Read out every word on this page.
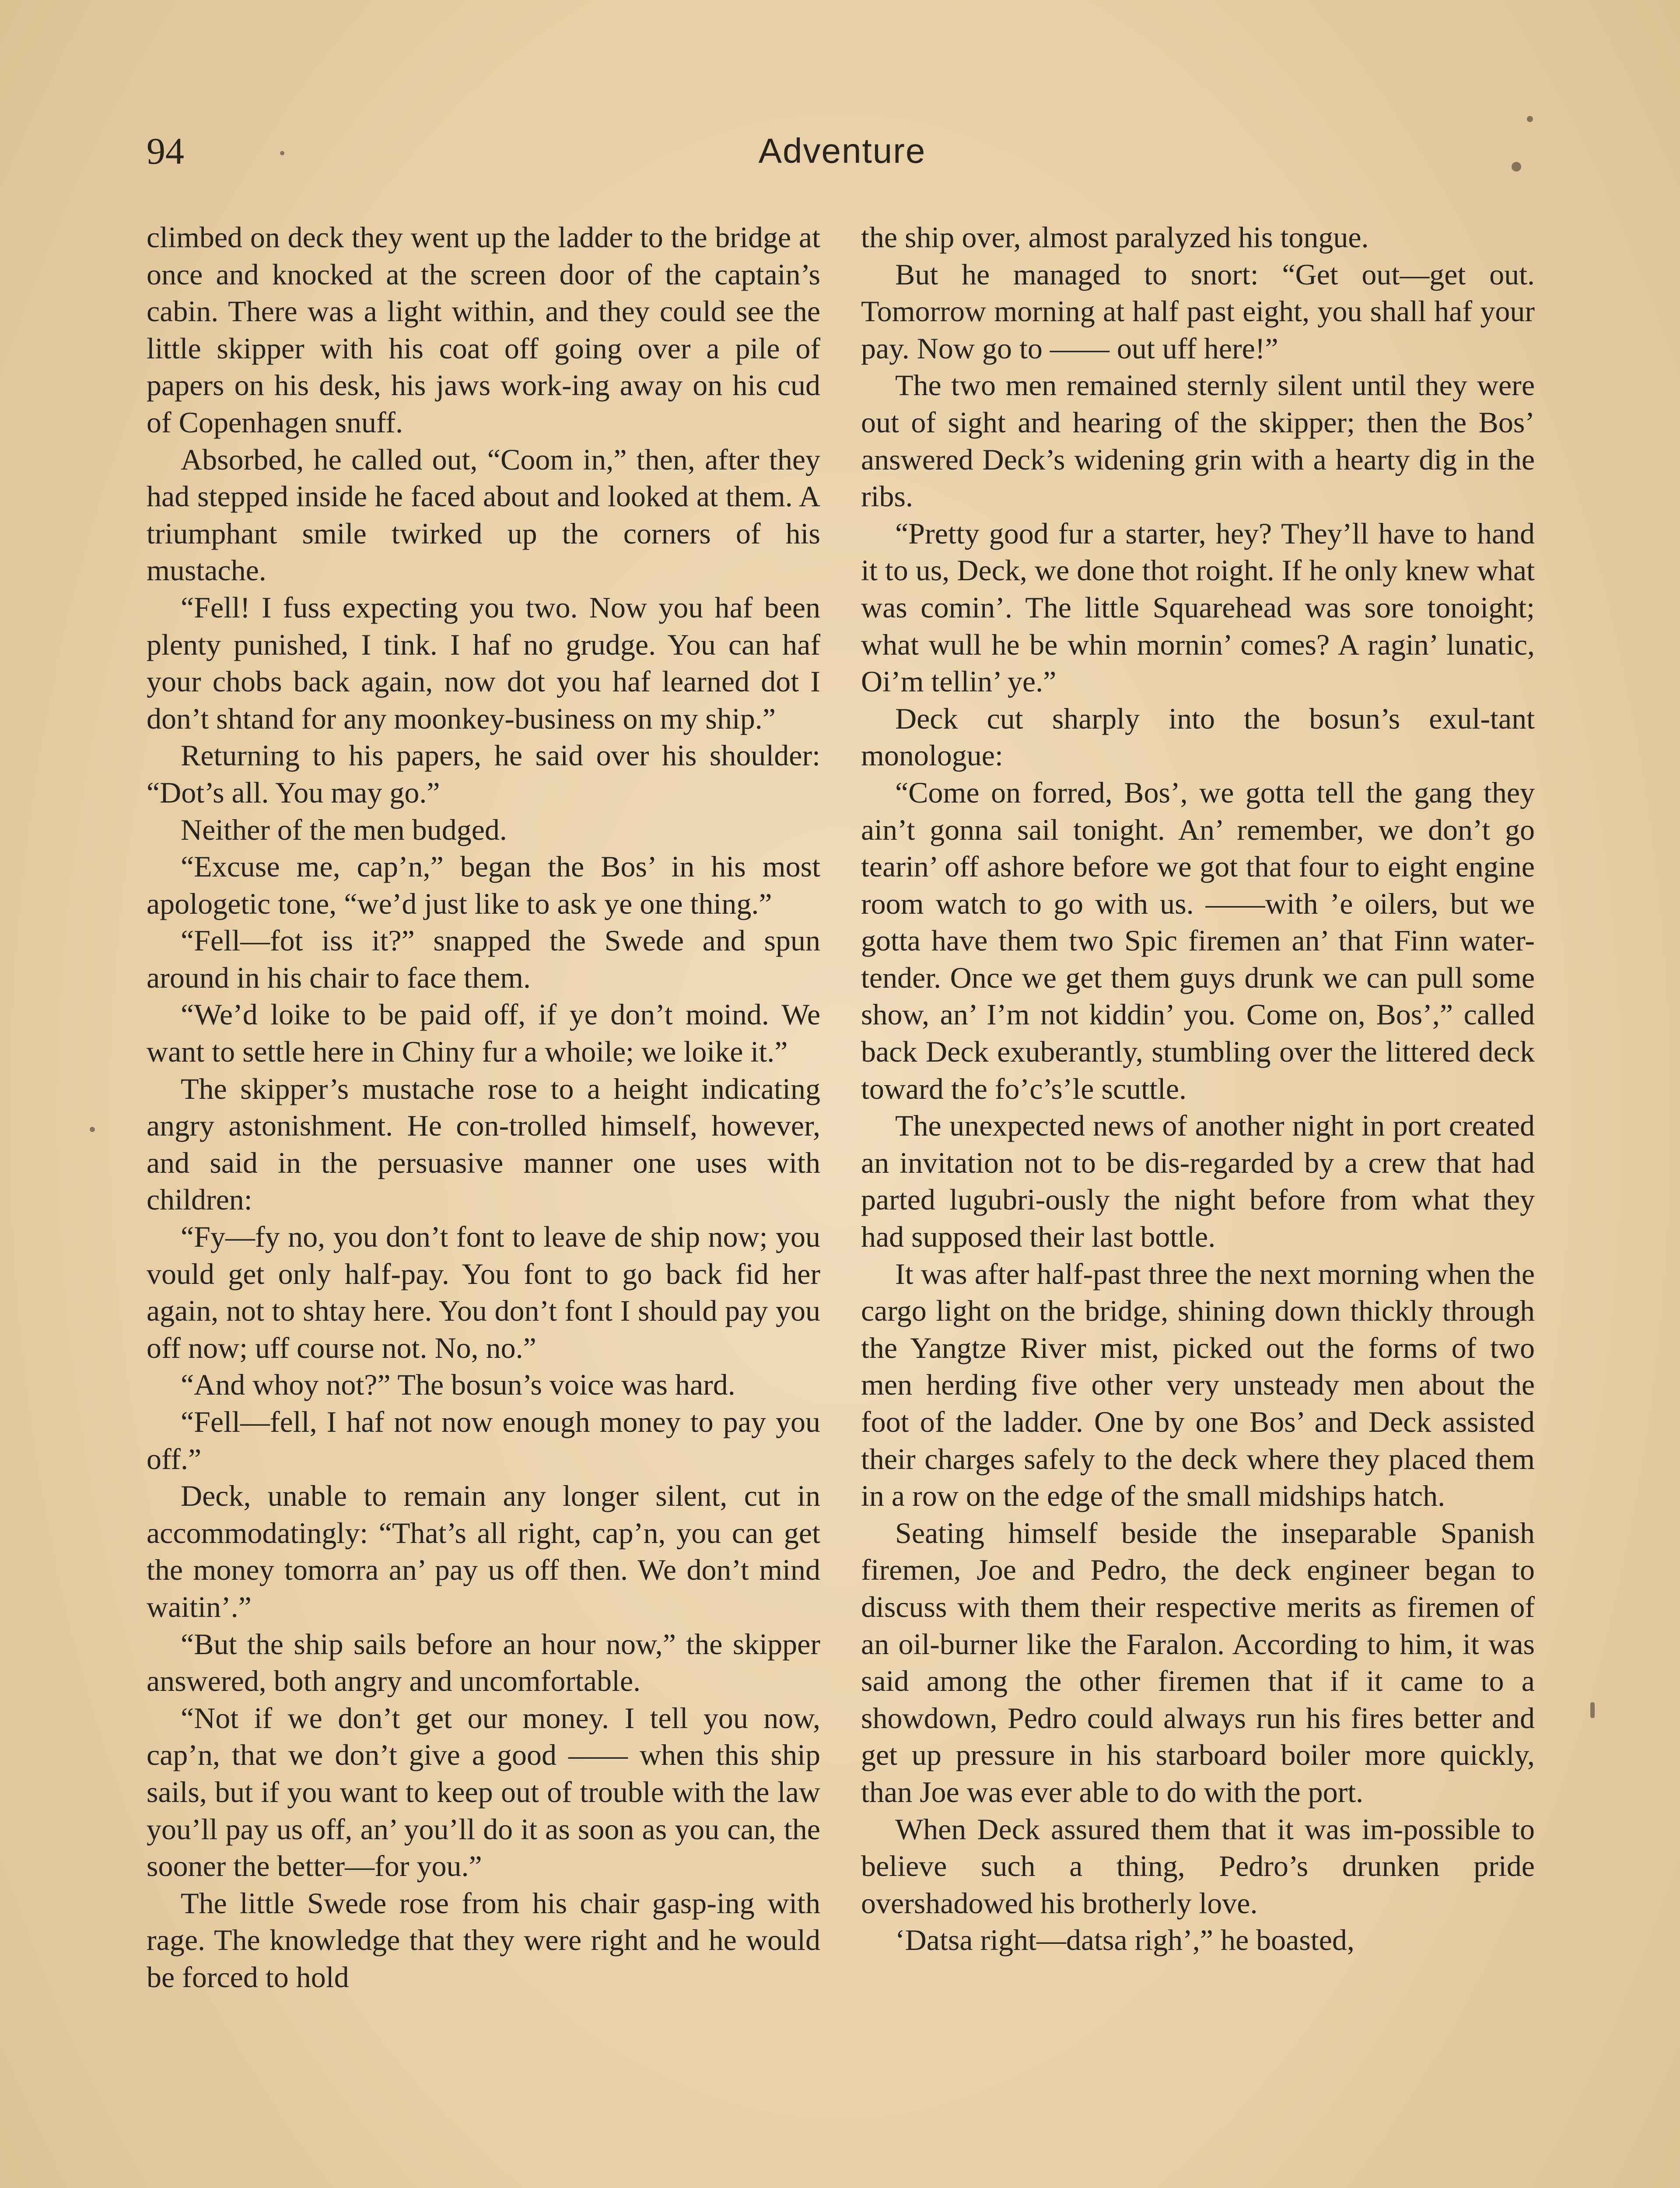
94	Adventure

climbed on deck they went up the ladder to the bridge at once and knocked at the screen door of the captain’s cabin. There was a light within, and they could see the little skipper with his coat off going over a pile of papers on his desk, his jaws work-ing away on his cud of Copenhagen snuff.

Absorbed, he called out, “Coom in,” then, after they had stepped inside he faced about and looked at them. A triumphant smile twirked up the corners of his mustache.

“Fell! I fuss expecting you two. Now you haf been plenty punished, I tink. I haf no grudge. You can haf your chobs back again, now dot you haf learned dot I don’t shtand for any moonkey-business on my ship.”

Returning to his papers, he said over his shoulder: “Dot’s all. You may go.”

Neither of the men budged.

“Excuse me, cap’n,” began the Bos’ in his most apologetic tone, “we’d just like to ask ye one thing.”

“Fell—fot iss it?” snapped the Swede and spun around in his chair to face them.

“We’d loike to be paid off, if ye don’t moind. We want to settle here in Chiny fur a whoile; we loike it.”

The skipper’s mustache rose to a height indicating angry astonishment. He con-trolled himself, however, and said in the persuasive manner one uses with children:

“Fy—fy no, you don’t font to leave de ship now; you vould get only half-pay. You font to go back fid her again, not to shtay here. You don’t font I should pay you off now; uff course not. No, no.”

“And whoy not?” The bosun’s voice was hard.

“Fell—fell, I haf not now enough money to pay you off.”

Deck, unable to remain any longer silent, cut in accommodatingly: “That’s all right, cap’n, you can get the money tomorra an’ pay us off then. We don’t mind waitin’.”

“But the ship sails before an hour now,” the skipper answered, both angry and uncomfortable.

“Not if we don’t get our money. I tell you now, cap’n, that we don’t give a good —— when this ship sails, but if you want to keep out of trouble with the law you’ll pay us off, an’ you’ll do it as soon as you can, the sooner the better—for you.”

The little Swede rose from his chair gasp-ing with rage. The knowledge that they were right and he would be forced to hold

the ship over, almost paralyzed his tongue.

But he managed to snort: “Get out—get out. Tomorrow morning at half past eight, you shall haf your pay. Now go to —— out uff here!”

The two men remained sternly silent until they were out of sight and hearing of the skipper; then the Bos’ answered Deck’s widening grin with a hearty dig in the ribs.

“Pretty good fur a starter, hey? They’ll have to hand it to us, Deck, we done thot roight. If he only knew what was comin’. The little Squarehead was sore tonoight; what wull he be whin mornin’ comes? A ragin’ lunatic, Oi’m tellin’ ye.”

Deck cut sharply into the bosun’s exul-tant monologue:

“Come on forred, Bos’, we gotta tell the gang they ain’t gonna sail tonight. An’ remember, we don’t go tearin’ off ashore before we got that four to eight engine room watch to go with us. ——with ’e oilers, but we gotta have them two Spic firemen an’ that Finn water-tender. Once we get them guys drunk we can pull some show, an’ I’m not kiddin’ you. Come on, Bos’,” called back Deck exuberantly, stumbling over the littered deck toward the fo’c’s’le scuttle.

The unexpected news of another night in port created an invitation not to be dis-regarded by a crew that had parted lugubri-ously the night before from what they had supposed their last bottle.

It was after half-past three the next morning when the cargo light on the bridge, shining down thickly through the Yangtze River mist, picked out the forms of two men herding five other very unsteady men about the foot of the ladder. One by one Bos’ and Deck assisted their charges safely to the deck where they placed them in a row on the edge of the small midships hatch.

Seating himself beside the inseparable Spanish firemen, Joe and Pedro, the deck engineer began to discuss with them their respective merits as firemen of an oil-burner like the Faralon. According to him, it was said among the other firemen that if it came to a showdown, Pedro could always run his fires better and get up pressure in his starboard boiler more quickly, than Joe was ever able to do with the port.

When Deck assured them that it was im-possible to believe such a thing, Pedro’s drunken pride overshadowed his brotherly love.

‘Datsa right—datsa righ’,” he boasted,
